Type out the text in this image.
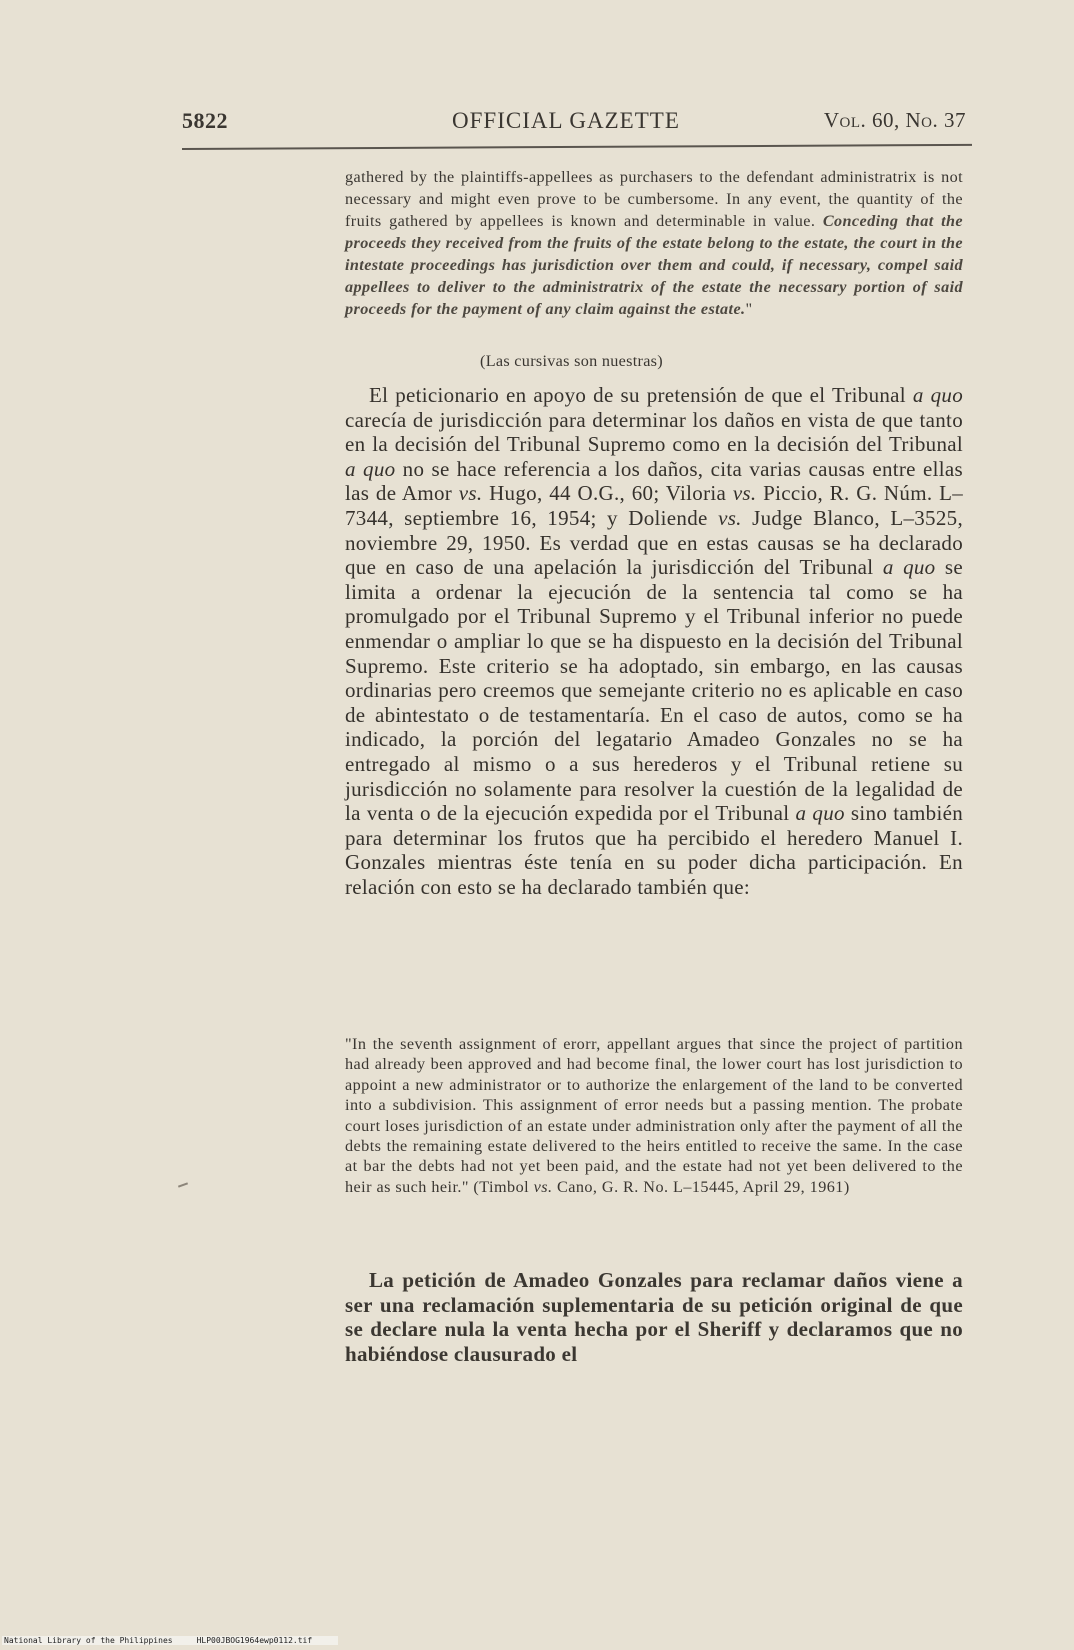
5822	OFFICIAL GAZETTE	Vol. 60, No. 37

gathered by the plaintiffs-appellees as purchasers to the defendant administratrix is not necessary and might even prove to be cumbersome. In any event, the quantity of the fruits gathered by appellees is known and determinable in value. Conceding that the proceeds they received from the fruits of the estate belong to the estate, the court in the intestate proceedings has jurisdiction over them and could, if necessary, compel said appellees to deliver to the administratrix of the estate the necessary portion of said proceeds for the payment of any claim against the estate."

(Las cursivas son nuestras)

El peticionario en apoyo de su pretensión de que el Tribunal a quo carecía de jurisdicción para determinar los daños en vista de que tanto en la decisión del Tribunal Supremo como en la decisión del Tribunal a quo no se hace referencia a los daños, cita varias causas entre ellas las de Amor vs. Hugo, 44 O.G., 60; Viloria vs. Piccio, R. G. Núm. L–7344, septiembre 16, 1954; y Doliende vs. Judge Blanco, L–3525, noviembre 29, 1950. Es verdad que en estas causas se ha declarado que en caso de una apelación la jurisdicción del Tribunal a quo se limita a ordenar la ejecución de la sentencia tal como se ha promulgado por el Tribunal Supremo y el Tribunal inferior no puede enmendar o ampliar lo que se ha dispuesto en la decisión del Tribunal Supremo. Este criterio se ha adoptado, sin embargo, en las causas ordinarias pero creemos que semejante criterio no es aplicable en caso de abintestato o de testamentaría. En el caso de autos, como se ha indicado, la porción del legatario Amadeo Gonzales no se ha entregado al mismo o a sus herederos y el Tribunal retiene su jurisdicción no solamente para resolver la cuestión de la legalidad de la venta o de la ejecución expedida por el Tribunal a quo sino también para determinar los frutos que ha percibido el heredero Manuel I. Gonzales mientras éste tenía en su poder dicha participación. En relación con esto se ha declarado también que:

"In the seventh assignment of erorr, appellant argues that since the project of partition had already been approved and had become final, the lower court has lost jurisdiction to appoint a new administrator or to authorize the enlargement of the land to be converted into a subdivision. This assignment of error needs but a passing mention. The probate court loses jurisdiction of an estate under administration only after the payment of all the debts the remaining estate delivered to the heirs entitled to receive the same. In the case at bar the debts had not yet been paid, and the estate had not yet been delivered to the heir as such heir." (Timbol vs. Cano, G. R. No. L–15445, April 29, 1961)

La petición de Amadeo Gonzales para reclamar daños viene a ser una reclamación suplementaria de su petición original de que se declare nula la venta hecha por el Sheriff y declaramos que no habiéndose clausurado el

National Library of the Philippines	HLP00JBOG1964ewp0112.tif
